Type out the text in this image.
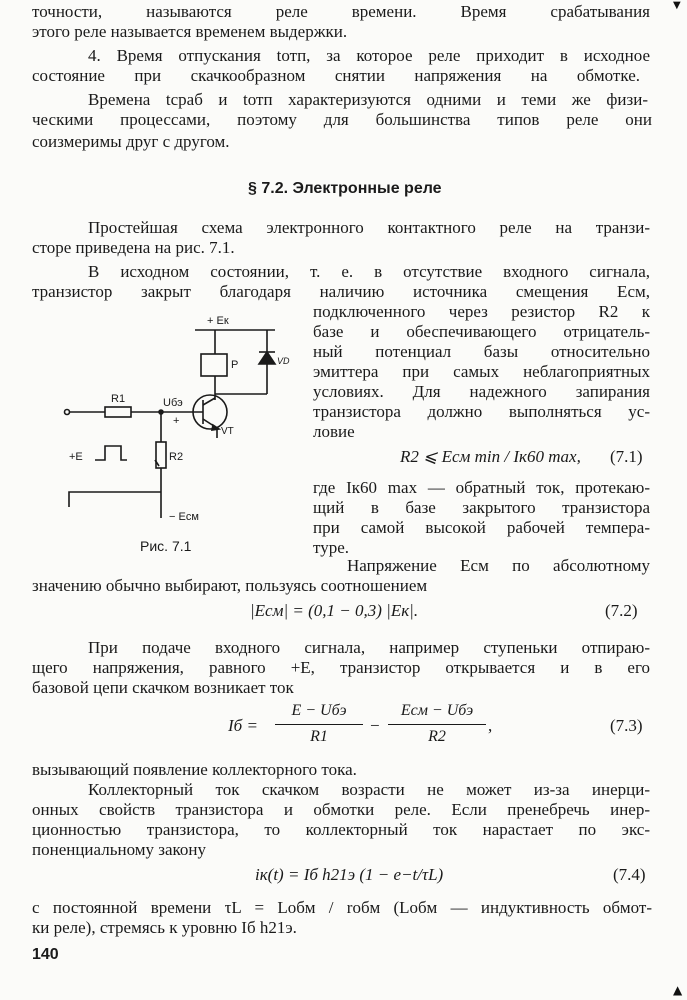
▼
точности, называются реле времени. Время срабатывания
этого реле называется временем выдержки.
4. Время отпускания tотп, за которое реле приходит в исходное
состояние при скачкообразном снятии напряжения на обмотке.
Времена tсраб и tотп характеризуются одними и теми же физи-
ческими процессами, поэтому для большинства типов реле они
соизмеримы друг с другом.
§ 7.2. Электронные реле
Простейшая схема электронного контактного реле на транзи-
сторе приведена на рис. 7.1.
В исходном состоянии, т. е. в отсутствие входного сигнала,
транзистор закрыт благодаря наличию источника смещения Eсм,
подключенного через резистор R2 к
базе и обеспечивающего отрицатель-
ный потенциал базы относительно
эмиттера при самых неблагоприятных
условиях. Для надежного запирания
транзистора должно выполняться ус-
ловие
R2 ⩽ Eсм min / Iк60 max, (7.1)
где Iк60 max — обратный ток, протекаю-
щий в базе закрытого транзистора
при самой высокой рабочей темпера-
туре.
+ Eк
P	VD
R1	Uбэ
VT
+
+E	R2
− Eсм
Рис. 7.1
Напряжение Eсм по абсолютному
значению обычно выбирают, пользуясь соотношением
|Eсм| = (0,1 − 0,3) |Eк|.	(7.2)
При подаче входного сигнала, например ступеньки отпираю-
щего напряжения, равного +E, транзистор открывается и в его
базовой цепи скачком возникает ток
Iб =
E − Uбэ
R1
−
Eсм − Uбэ
R2
,	(7.3)
вызывающий появление коллекторного тока.
Коллекторный ток скачком возрасти не может из-за инерци-
онных свойств транзистора и обмотки реле. Если пренебречь инер-
ционностью транзистора, то коллекторный ток нарастает по экс-
поненциальному закону
iк(t) = Iб h21э (1 − e−t/τL)	(7.4)
с постоянной времени τL = Lобм / rобм (Lобм — индуктивность обмот-
ки реле), стремясь к уровню Iб h21э.
140
▲
